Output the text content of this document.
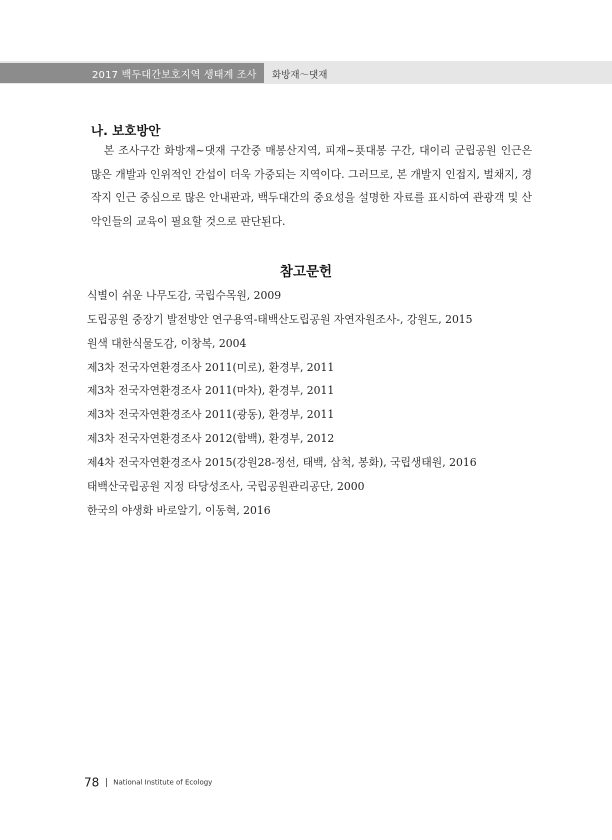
2017 백두대간보호지역 생태계 조사 화방재～댓재
나. 보호방안

본 조사구간 화방재~댓재 구간중 매봉산지역, 피재~푯대봉 구간, 대이리 군립공원 인근은 많은 개발과 인위적인 간섭이 더욱 가중되는 지역이다. 그러므로, 본 개발지 인접지, 벌채지, 경작지 인근 중심으로 많은 안내판과, 백두대간의 중요성을 설명한 자료를 표시하여 관광객 및 산악인들의 교육이 필요할 것으로 판단된다.

참고문헌
식별이 쉬운 나무도감, 국립수목원, 2009
도립공원 중장기 발전방안 연구용역-태백산도립공원 자연자원조사-, 강원도, 2015
원색 대한식물도감, 이창복, 2004
제3차 전국자연환경조사 2011(미로), 환경부, 2011
제3차 전국자연환경조사 2011(마차), 환경부, 2011
제3차 전국자연환경조사 2011(광동), 환경부, 2011
제3차 전국자연환경조사 2012(함백), 환경부, 2012
제4차 전국자연환경조사 2015(강원28-정선, 태백, 삼척, 봉화), 국립생태원, 2016
태백산국립공원 지정 타당성조사, 국립공원관리공단, 2000
한국의 야생화 바로알기, 이동혁, 2016
78 National Institute of Ecology
